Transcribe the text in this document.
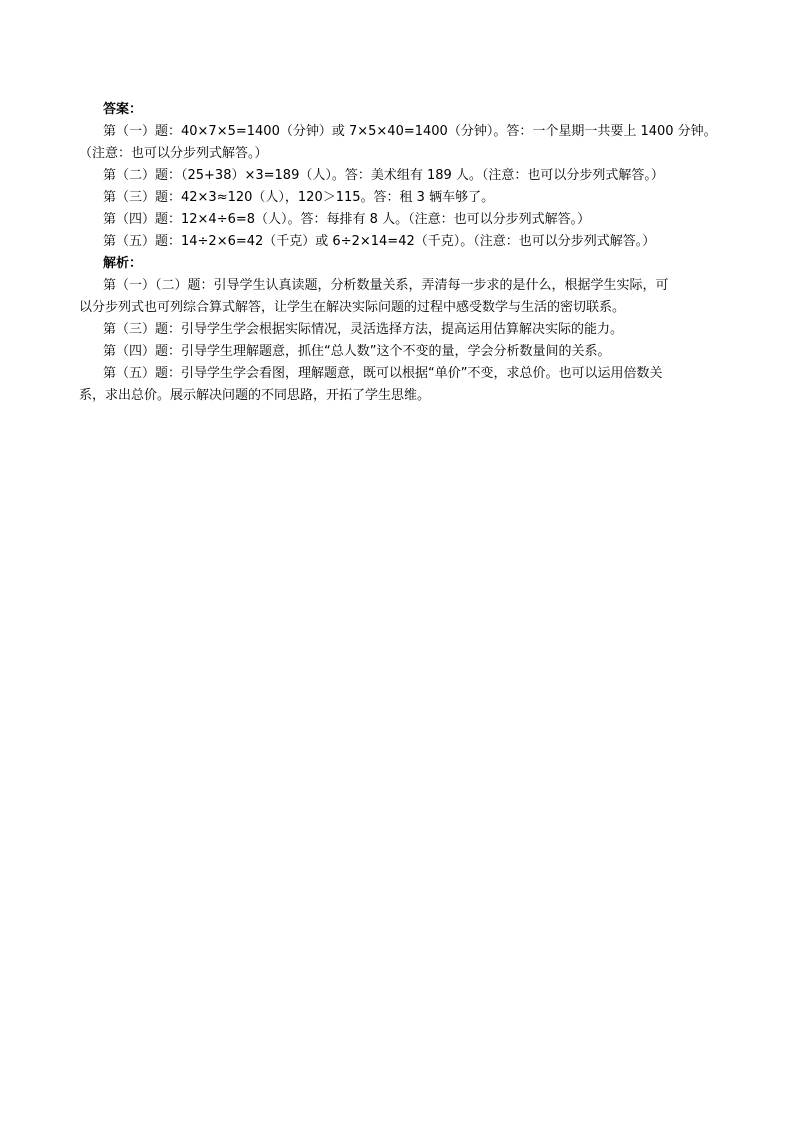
答案：
第（一）题：40×7×5=1400（分钟）或 7×5×40=1400（分钟）。答：一个星期一共要上 1400 分钟。
（注意：也可以分步列式解答。）
第（二）题：（25+38）×3=189（人）。答：美术组有 189 人。（注意：也可以分步列式解答。）
第（三）题：42×3≈120（人），120＞115。答：租 3 辆车够了。
第（四）题：12×4÷6=8（人）。答：每排有 8 人。（注意：也可以分步列式解答。）
第（五）题：14÷2×6=42（千克）或 6÷2×14=42（千克）。（注意：也可以分步列式解答。）
解析：
第（一）（二）题：引导学生认真读题，分析数量关系，弄清每一步求的是什么，根据学生实际，可
以分步列式也可列综合算式解答，让学生在解决实际问题的过程中感受数学与生活的密切联系。
第（三）题：引导学生学会根据实际情况，灵活选择方法，提高运用估算解决实际的能力。
第（四）题：引导学生理解题意，抓住“总人数”这个不变的量，学会分析数量间的关系。
第（五）题：引导学生学会看图，理解题意，既可以根据“单价”不变，求总价。也可以运用倍数关
系，求出总价。展示解决问题的不同思路，开拓了学生思维。
